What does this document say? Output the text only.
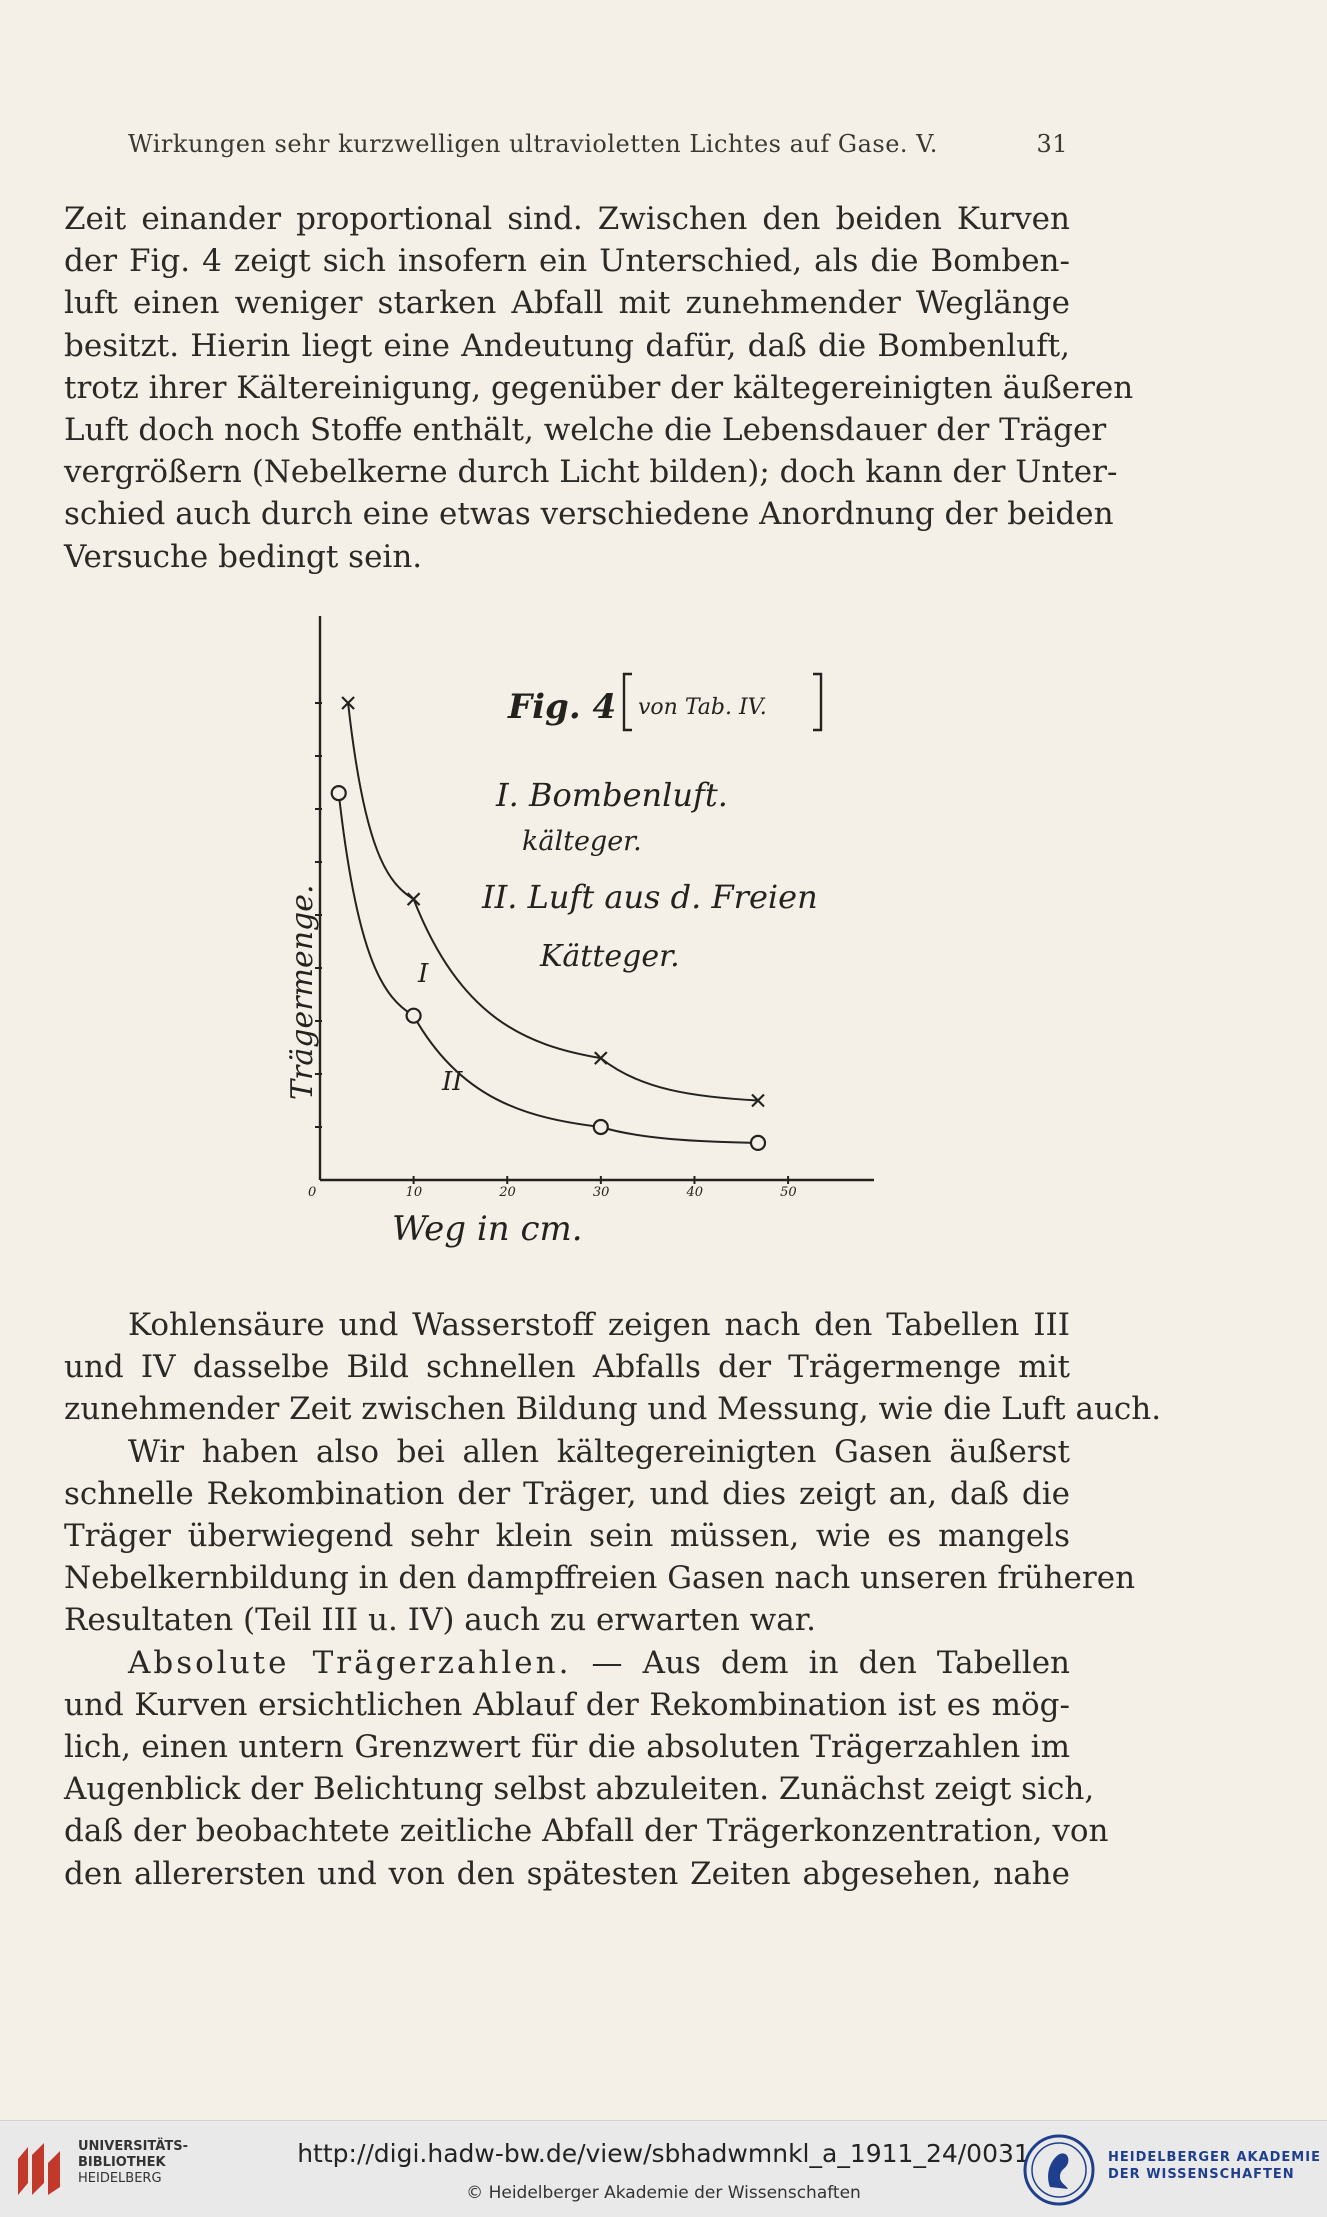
Wirkungen sehr kurzwelligen ultravioletten Lichtes auf Gase. V.	31
Zeit einander proportional sind. Zwischen den beiden Kurven
der Fig. 4 zeigt sich insofern ein Unterschied, als die Bomben-
luft einen weniger starken Abfall mit zunehmender Weglänge
besitzt. Hierin liegt eine Andeutung dafür, daß die Bombenluft,
trotz ihrer Kältereinigung, gegenüber der kältegereinigten äußeren
Luft doch noch Stoffe enthält, welche die Lebensdauer der Träger
vergrößern (Nebelkerne durch Licht bilden); doch kann der Unter-
schied auch durch eine etwas verschiedene Anordnung der beiden
Versuche bedingt sein.
10	20	30	40	50
Fig. 4 von Tab. IV.
I. Bombenluft.
kälteger.
II. Luft aus d. Freien
Kätteger.
Trägermenge.
Weg in cm.
I
II
0
Kohlensäure und Wasserstoff zeigen nach den Tabellen III
und IV dasselbe Bild schnellen Abfalls der Trägermenge mit
zunehmender Zeit zwischen Bildung und Messung, wie die Luft auch.
Wir haben also bei allen kältegereinigten Gasen äußerst
schnelle Rekombination der Träger, und dies zeigt an, daß die
Träger überwiegend sehr klein sein müssen, wie es mangels
Nebelkernbildung in den dampffreien Gasen nach unseren früheren
Resultaten (Teil III u. IV) auch zu erwarten war.
Absolute Trägerzahlen. — Aus dem in den Tabellen
und Kurven ersichtlichen Ablauf der Rekombination ist es mög-
lich, einen untern Grenzwert für die absoluten Trägerzahlen im
Augenblick der Belichtung selbst abzuleiten. Zunächst zeigt sich,
daß der beobachtete zeitliche Abfall der Trägerkonzentration, von
den allerersten und von den spätesten Zeiten abgesehen, nahe
UNIVERSITÄTS-
BIBLIOTHEK
HEIDELBERG
http://digi.hadw-bw.de/view/sbhadwmnkl_a_1911_24/0031
© Heidelberger Akademie der Wissenschaften
HEIDELBERGER AKADEMIE
DER WISSENSCHAFTEN
